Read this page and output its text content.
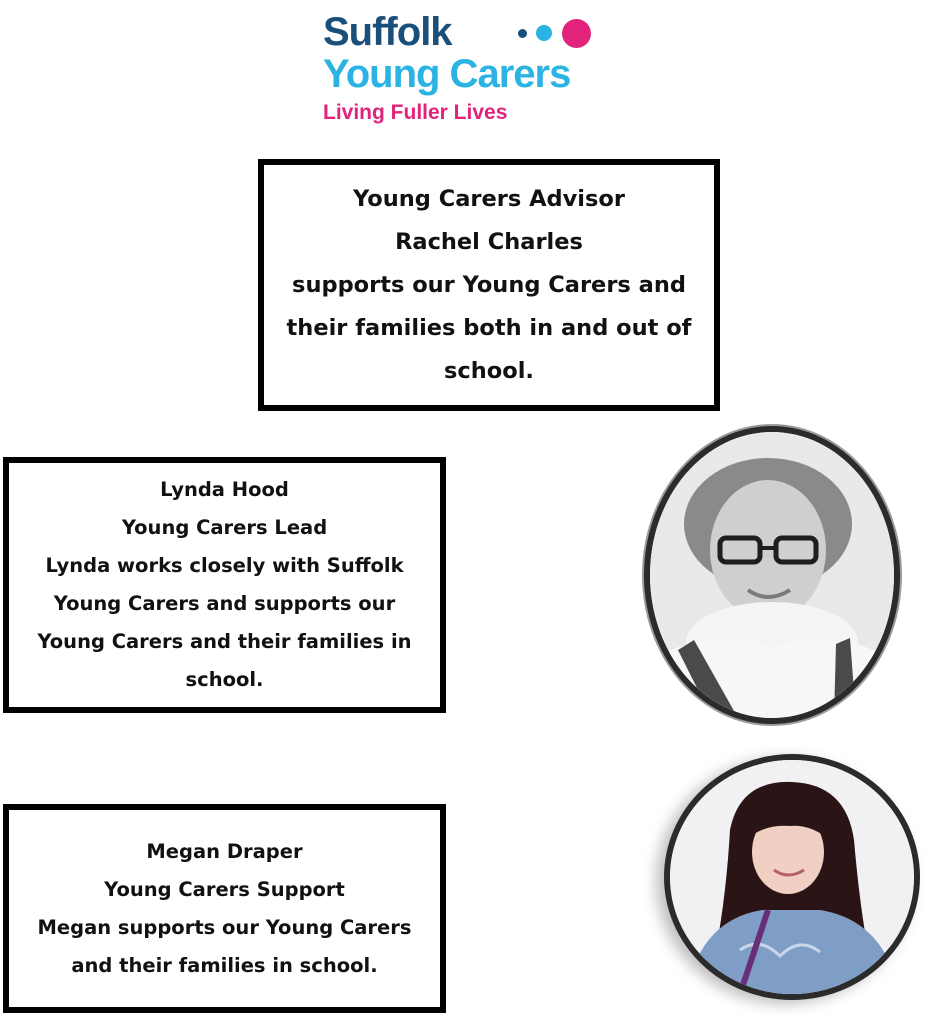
Suffolk
Young Carers
Living Fuller Lives
Young Carers Advisor
Rachel Charles
supports our Young Carers and
their families both in and out of
school.
Lynda Hood
Young Carers Lead
Lynda works closely with Suffolk
Young Carers and supports our
Young Carers and their families in
school.
Megan Draper
Young Carers Support
Megan supports our Young Carers
and their families in school.
